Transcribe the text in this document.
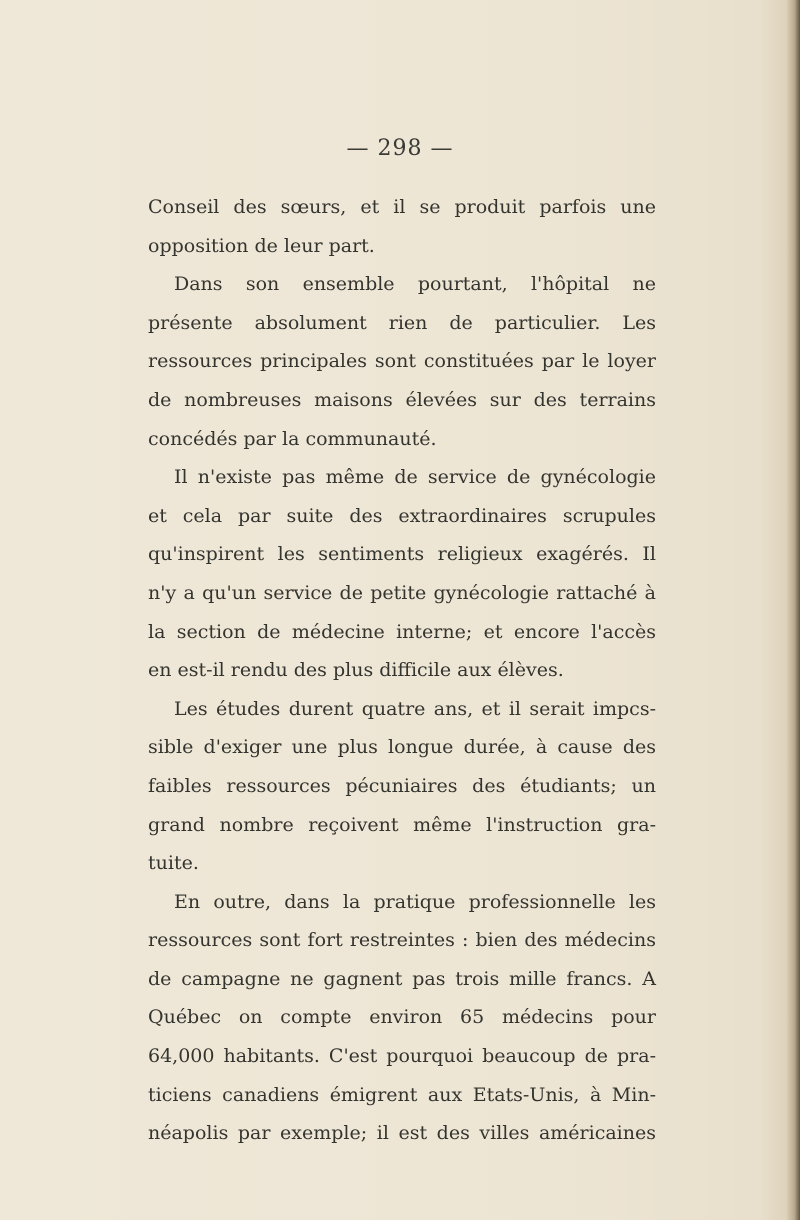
— 298 —
Conseil des sœurs, et il se produit parfois une
opposition de leur part.
Dans son ensemble pourtant, l'hôpital ne
présente absolument rien de particulier. Les
ressources principales sont constituées par le loyer
de nombreuses maisons élevées sur des terrains
concédés par la communauté.
Il n'existe pas même de service de gynécologie
et cela par suite des extraordinaires scrupules
qu'inspirent les sentiments religieux exagérés. Il
n'y a qu'un service de petite gynécologie rattaché à
la section de médecine interne; et encore l'accès
en est-il rendu des plus difficile aux élèves.
Les études durent quatre ans, et il serait impcs-
sible d'exiger une plus longue durée, à cause des
faibles ressources pécuniaires des étudiants; un
grand nombre reçoivent même l'instruction gra-
tuite.
En outre, dans la pratique professionnelle les
ressources sont fort restreintes : bien des médecins
de campagne ne gagnent pas trois mille francs. A
Québec on compte environ 65 médecins pour
64,000 habitants. C'est pourquoi beaucoup de pra-
ticiens canadiens émigrent aux Etats-Unis, à Min-
néapolis par exemple; il est des villes américaines
